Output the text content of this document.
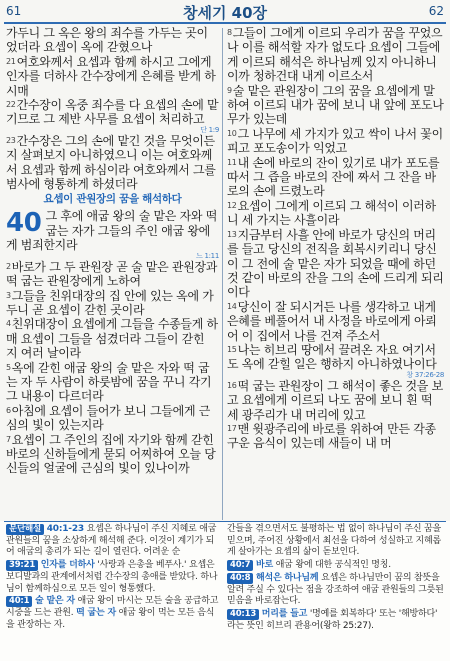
61	창세기 40장	62

가두니 그 옥은 왕의 죄수를 가두는 곳이었더라 요셉이 옥에 갇혔으나

21여호와께서 요셉과 함께 하시고 그에게 인자를 더하사 간수장에게 은혜를 받게 하시매

22간수장이 옥중 죄수를 다 요셉의 손에 맡기므로 그 제반 사무를 요셉이 처리하고
단 1:9

23간수장은 그의 손에 맡긴 것을 무엇이든지 살펴보지 아니하였으니 이는 여호와께서 요셉과 함께 하심이라 여호와께서 그를 범사에 형통하게 하셨더라

요셉이 관원장의 꿈을 해석하다

40 그 후에 애굽 왕의 술 맡은 자와 떡 굽는 자가 그들의 주인 애굽 왕에게 범죄한지라
느 1:11

2바로가 그 두 관원장 곧 술 맡은 관원장과 떡 굽는 관원장에게 노하여

3그들을 친위대장의 집 안에 있는 옥에 가두니 곧 요셉이 갇힌 곳이라

4친위대장이 요셉에게 그들을 수종들게 하매 요셉이 그들을 섬겼더라 그들이 갇힌 지 여러 날이라

5옥에 갇힌 애굽 왕의 술 맡은 자와 떡 굽는 자 두 사람이 하룻밤에 꿈을 꾸니 각기 그 내용이 다르더라

6아침에 요셉이 들어가 보니 그들에게 근심의 빛이 있는지라

7요셉이 그 주인의 집에 자기와 함께 갇힌 바로의 신하들에게 묻되 어찌하여 오늘 당신들의 얼굴에 근심의 빛이 있나이까

8그들이 그에게 이르되 우리가 꿈을 꾸었으나 이를 해석할 자가 없도다 요셉이 그들에게 이르되 해석은 하나님께 있지 아니하니이까 청하건대 내게 이르소서

9술 맡은 관원장이 그의 꿈을 요셉에게 말하여 이르되 내가 꿈에 보니 내 앞에 포도나무가 있는데

10그 나무에 세 가지가 있고 싹이 나서 꽃이 피고 포도송이가 익었고

11내 손에 바로의 잔이 있기로 내가 포도를 따서 그 즙을 바로의 잔에 짜서 그 잔을 바로의 손에 드렸노라

12요셉이 그에게 이르되 그 해석이 이러하니 세 가지는 사흘이라

13지금부터 사흘 안에 바로가 당신의 머리를 들고 당신의 전직을 회복시키리니 당신이 그 전에 술 맡은 자가 되었을 때에 하던 것 같이 바로의 잔을 그의 손에 드리게 되리이다

14당신이 잘 되시거든 나를 생각하고 내게 은혜를 베풀어서 내 사정을 바로에게 아뢰어 이 집에서 나를 건져 주소서

15나는 히브리 땅에서 끌려온 자요 여기서도 옥에 갇힐 일은 행하지 아니하였나이다
창 37:26-28

16떡 굽는 관원장이 그 해석이 좋은 것을 보고 요셉에게 이르되 나도 꿈에 보니 흰 떡 세 광주리가 내 머리에 있고

17맨 윗광주리에 바로를 위하여 만든 각종 구운 음식이 있는데 새들이 내 머

문단해설 40:1-23 요셉은 하나님이 주신 지혜로 애굽 관원들의 꿈을 소상하게 해석해 준다. 이것이 계기가 되어 애굽의 총리가 되는 길이 열린다. 어려운 순

39:21 인자를 더하사 '사랑과 은총을 베푸사.' 요셉은 보디발과의 관계에서처럼 간수장의 총애를 받았다. 하나님이 함께하심으로 모든 일이 형통했다.

40:1 술 맡은 자 애굽 왕이 마시는 모든 술을 공급하고 시중을 드는 관원. 떡 굽는 자 애굽 왕이 먹는 모든 음식을 관장하는 자.

간들을 겪으면서도 불평하는 법 없이 하나님이 주신 꿈을 믿으며, 주어진 상황에서 최선을 다하여 성실하고 지혜롭게 살아가는 요셉의 삶이 돋보인다.

40:7 바로 애굽 왕에 대한 공식적인 명칭.

40:8 해석은 하나님께 요셉은 하나님만이 꿈의 참뜻을 알려 주실 수 있다는 점을 강조하여 애굽 관원들의 그릇된 믿음을 바로잡는다.

40:13 머리를 들고 '명예를 회복하다' 또는 '해방하다' 라는 뜻인 히브리 관용어(왕하 25:27).
